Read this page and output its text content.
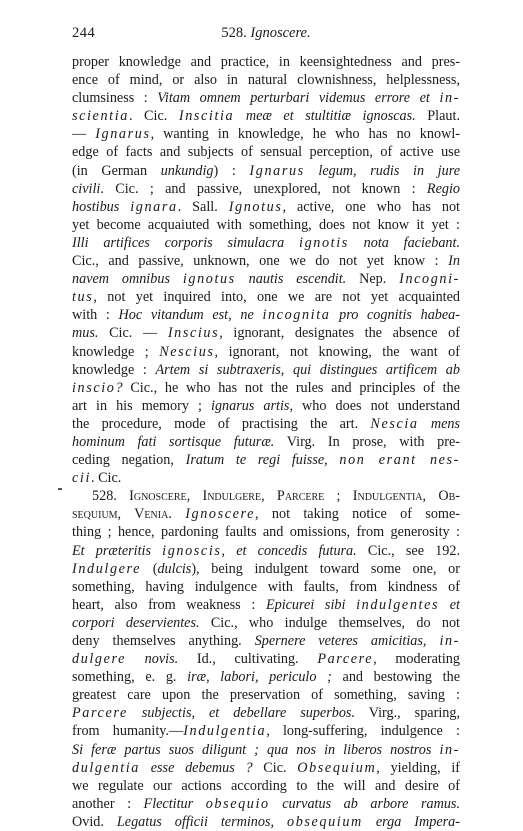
244	528. Ignoscere.
proper knowledge and practice, in keensightedness and pres-
ence of mind, or also in natural clownishness, helplessness,
clumsiness : Vitam omnem perturbari videmus errore et in-
scientia. Cic. Inscitia meæ et stultitiæ ignoscas. Plaut.
— Ignarus, wanting in knowledge, he who has no knowl-
edge of facts and subjects of sensual perception, of active use
(in German unkundig) : Ignarus legum, rudis in jure
civili. Cic. ; and passive, unexplored, not known : Regio
hostibus ignara. Sall. Ignotus, active, one who has not
yet become acquaiuted with something, does not know it yet :
Illi artifices corporis simulacra ignotis nota faciebant.
Cic., and passive, unknown, one we do not yet know : In
navem omnibus ignotus nautis escendit. Nep. Incogni-
tus, not yet inquired into, one we are not yet acquainted
with : Hoc vitandum est, ne incognita pro cognitis habea-
mus. Cic. — Inscius, ignorant, designates the absence of
knowledge ; Nescius, ignorant, not knowing, the want of
knowledge : Artem si subtraxeris, qui distingues artificem ab
inscio? Cic., he who has not the rules and principles of the
art in his memory ; ignarus artis, who does not understand
the procedure, mode of practising the art. Nescia mens
hominum fati sortisque futuræ. Virg. In prose, with pre-
ceding negation, Iratum te regi fuisse, non erant nes-
cii. Cic.
528. Ignoscere, Indulgere, Parcere ; Indulgentia, Ob-
sequium, Venia. Ignoscere, not taking notice of some-
thing ; hence, pardoning faults and omissions, from generosity :
Et præteritis ignoscis, et concedis futura. Cic., see 192.
Indulgere (dulcis), being indulgent toward some one, or
something, having indulgence with faults, from kindness of
heart, also from weakness : Epicurei sibi indulgentes et
corpori deservientes. Cic., who indulge themselves, do not
deny themselves anything. Spernere veteres amicitias, in-
dulgere novis. Id., cultivating. Parcere, moderating
something, e. g. iræ, labori, periculo ; and bestowing the
greatest care upon the preservation of something, saving :
Parcere subjectis, et debellare superbos. Virg., sparing,
from humanity.—Indulgentia, long-suffering, indulgence :
Si feræ partus suos diligunt ; qua nos in liberos nostros in-
dulgentia esse debemus ? Cic. Obsequium, yielding, if
we regulate our actions according to the will and desire of
another : Flectitur obsequio curvatus ab arbore ramus.
Ovid. Legatus officii terminos, obsequium erga Impera-
